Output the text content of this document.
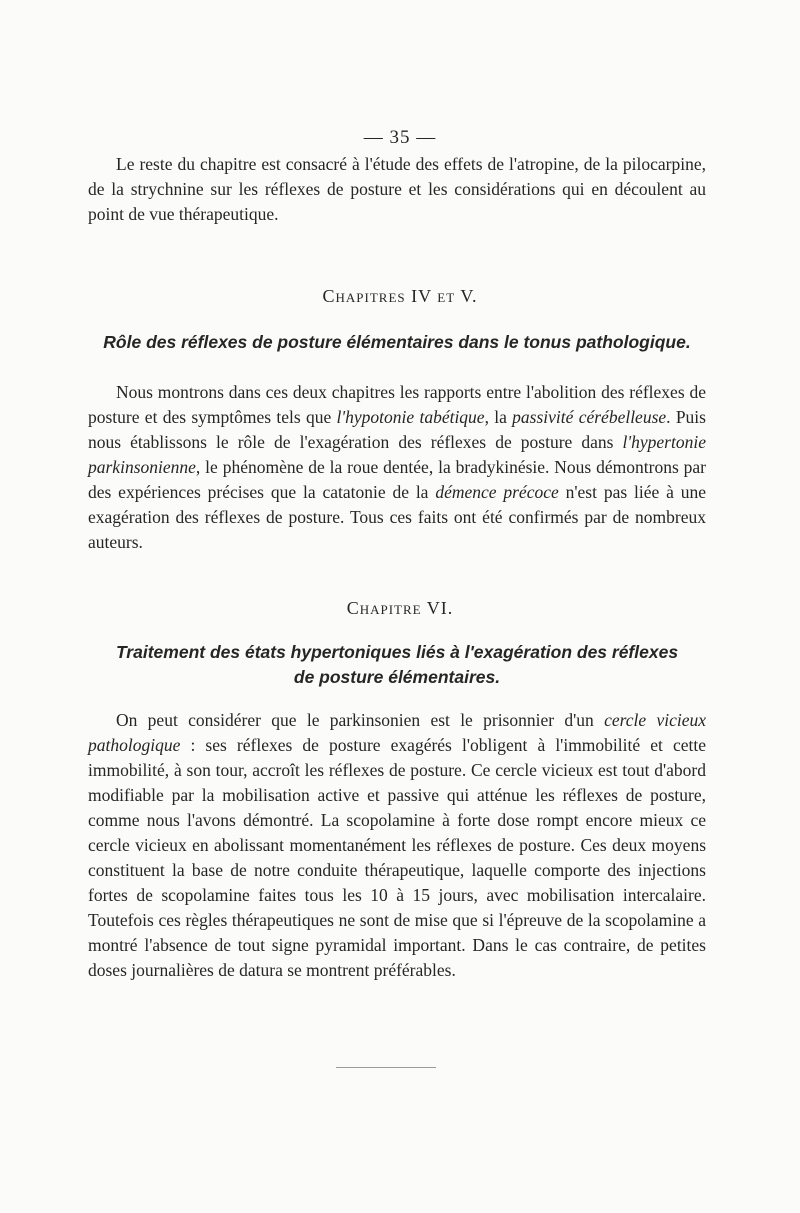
— 35 —

Le reste du chapitre est consacré à l'étude des effets de l'atropine, de la pilocarpine, de la strychnine sur les réflexes de posture et les considérations qui en découlent au point de vue thérapeutique.

Chapitres IV et V.

Rôle des réflexes de posture élémentaires dans le tonus pathologique.

Nous montrons dans ces deux chapitres les rapports entre l'abolition des réflexes de posture et des symptômes tels que l'hypotonie tabétique, la passivité cérébelleuse. Puis nous établissons le rôle de l'exagération des réflexes de posture dans l'hypertonie parkinsonienne, le phénomène de la roue dentée, la bradykinésie. Nous démontrons par des expériences précises que la catatonie de la démence précoce n'est pas liée à une exagération des réflexes de posture. Tous ces faits ont été confirmés par de nombreux auteurs.

Chapitre VI.
Traitement des états hypertoniques liés à l'exagération des réflexes
de posture élémentaires.

On peut considérer que le parkinsonien est le prisonnier d'un cercle vicieux pathologique : ses réflexes de posture exagérés l'obligent à l'immobilité et cette immobilité, à son tour, accroît les réflexes de posture. Ce cercle vicieux est tout d'abord modifiable par la mobilisation active et passive qui atténue les réflexes de posture, comme nous l'avons démontré. La scopolamine à forte dose rompt encore mieux ce cercle vicieux en abolissant momentanément les réflexes de posture. Ces deux moyens constituent la base de notre conduite thérapeutique, laquelle comporte des injections fortes de scopolamine faites tous les 10 à 15 jours, avec mobilisation intercalaire. Toutefois ces règles thérapeutiques ne sont de mise que si l'épreuve de la scopolamine a montré l'absence de tout signe pyramidal important. Dans le cas contraire, de petites doses journalières de datura se montrent préférables.
